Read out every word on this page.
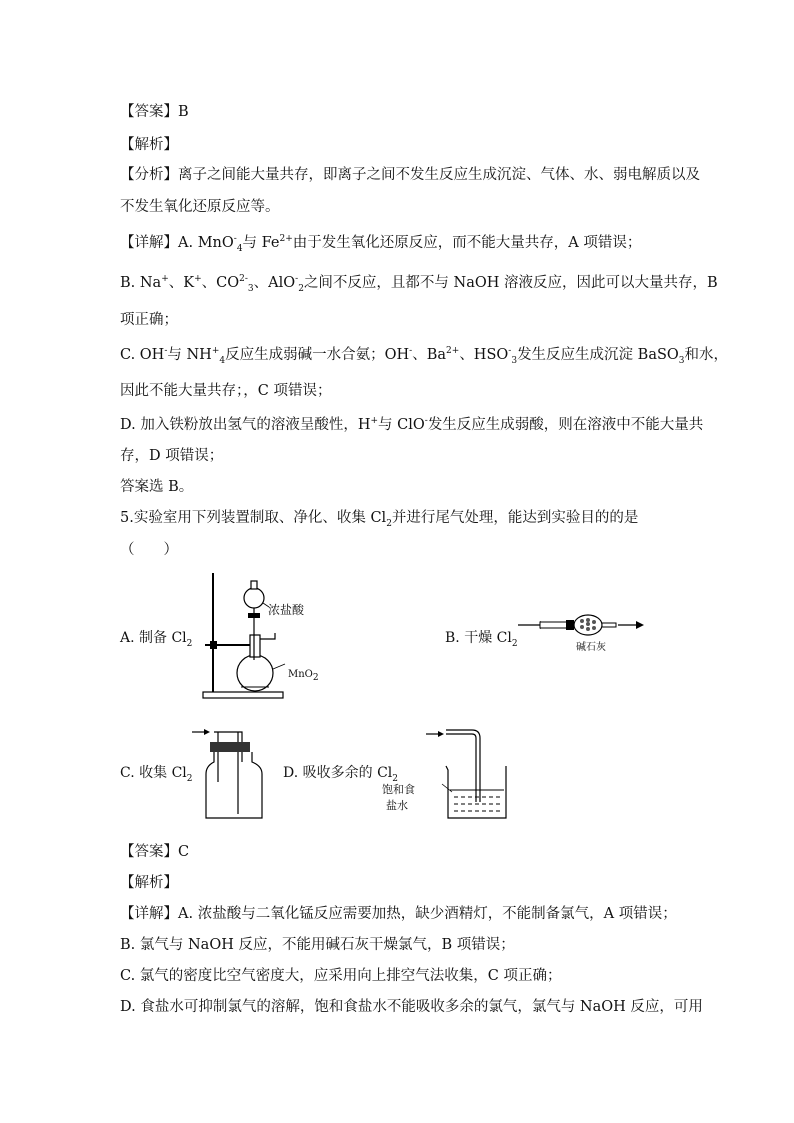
【答案】B
【解析】
【分析】离子之间能大量共存，即离子之间不发生反应生成沉淀、气体、水、弱电解质以及
不发生氧化还原反应等。
【详解】A. MnO-$_4$与 $Fe^{2+}$由于发生氧化还原反应，而不能大量共存，A 项错误；
B. Na+、K+、$CO^{2-}_3$、AlO-$_2$之间不反应，且都不与 NaOH 溶液反应，因此可以大量共存，B
项正确；
C. OH-与 $NH^+_4$反应生成弱碱一水合氨；OH-、$Ba^{2+}$、$HSO^-_3$发生反应生成沉淀 BaSO$_3$和水，
因此不能大量共存；，C 项错误；
D. 加入铁粉放出氢气的溶液呈酸性，H+与 ClO-发生反应生成弱酸，则在溶液中不能大量共
存，D 项错误；
答案选 B。
5.实验室用下列装置制取、净化、收集 $Cl_2$并进行尾气处理，能达到实验目的的是
（　　）
A. 制备 $Cl_2$
浓盐酸
MnO$_2$
B. 干燥 $Cl_2$	碱石灰
C. 收集 $Cl_2$	D. 吸收多余的 $Cl_2$
饱和食
盐水
【答案】C
【解析】
【详解】A. 浓盐酸与二氧化锰反应需要加热，缺少酒精灯，不能制备氯气，A 项错误；
B. 氯气与 NaOH 反应，不能用碱石灰干燥氯气，B 项错误；
C. 氯气的密度比空气密度大，应采用向上排空气法收集，C 项正确；
D. 食盐水可抑制氯气的溶解，饱和食盐水不能吸收多余的氯气，氯气与 NaOH 反应，可用
